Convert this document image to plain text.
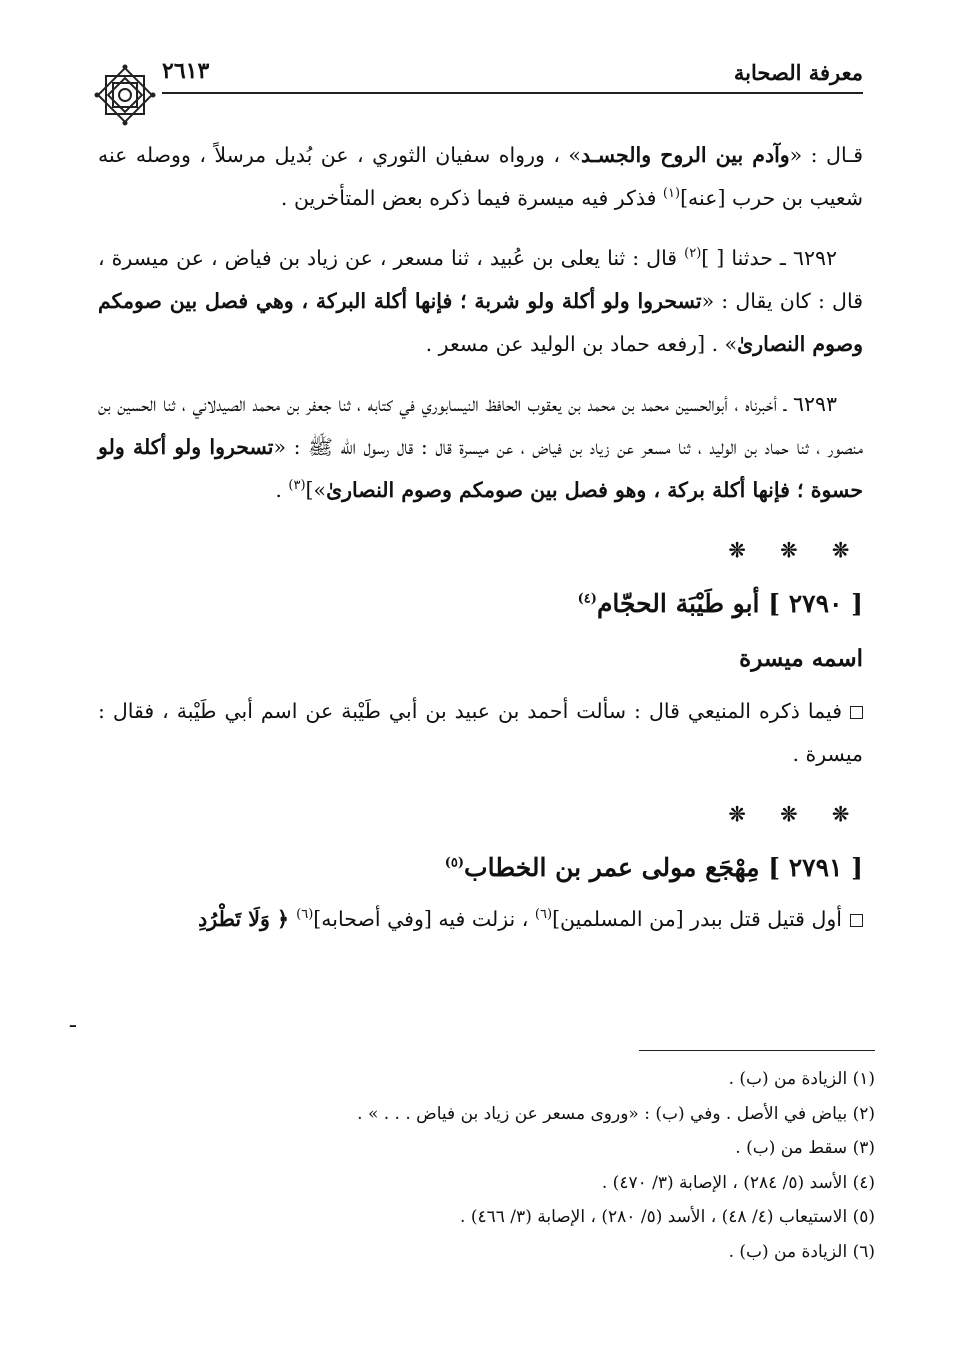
معرفة الصحابة
٢٦١٣

قـال : «وآدم بين الروح والجسـد» ، ورواه سفيان الثوري ، عن بُديل مرسلاً ، ووصله عنه شعيب بن حرب [عنه]$^{(١)}$ فذكر فيه ميسرة فيما ذكره بعض المتأخرين .

٦٢٩٢ ـ حدثنا [ ]$^{(٢)}$ قال : ثنا يعلى بن عُبيد ، ثنا مسعر ، عن زياد بن فياض ، عن ميسرة ، قال : كان يقال : «تسحروا ولو أكلة ولو شربة ؛ فإنها أكلة البركة ، وهي فصل بين صومكم وصوم النصارىٰ» . [رفعه حماد بن الوليد عن مسعر .

٦٢٩٣ ـ أخبرناه ، أبوالحسين محمد بن محمد بن يعقوب الحافظ النيسابوري في كتابه ، ثنا جعفر بن محمد الصيدلاني ، ثنا الحسين بن منصور ، ثنا حماد بن الوليد ، ثنا مسعر عن زياد بن فياض ، عن ميسرة قال : قال رسول الله ﷺ : «تسحروا ولو أكلة ولو حسوة ؛ فإنها أكلة بركة ، وهو فصل بين صومكم وصوم النصارىٰ»]$^{(٣)}$ .

❊ ❊ ❊
[ ٢٧٩٠ ] أبو طَيْبَة الحجّام$^{(٤)}$
اسمه ميسرة

فيما ذكره المنيعي قال : سألت أحمد بن عبيد بن أبي طَيْبة عن اسم أبي طَيْبة ، فقال : ميسرة .

❊ ❊ ❊
[ ٢٧٩١ ] مِهْجَع مولى عمر بن الخطاب$^{(٥)}$

أول قتيل قتل ببدر [من المسلمين]$^{(٦)}$ ، نزلت فيه [وفي أصحابه]$^{(٦)}$ ﴿ وَلَا تَطْرُدِ

ـ
(١) الزيادة من (ب) .
(٢) بياض في الأصل . وفي (ب) : «وروى مسعر عن زياد بن فياض . . . » .
(٣) سقط من (ب) .
(٤) الأسد (٥/ ٢٨٤) ، الإصابة (٣/ ٤٧٠) .
(٥) الاستيعاب (٤/ ٤٨) ، الأسد (٥/ ٢٨٠) ، الإصابة (٣/ ٤٦٦) .
(٦) الزيادة من (ب) .
